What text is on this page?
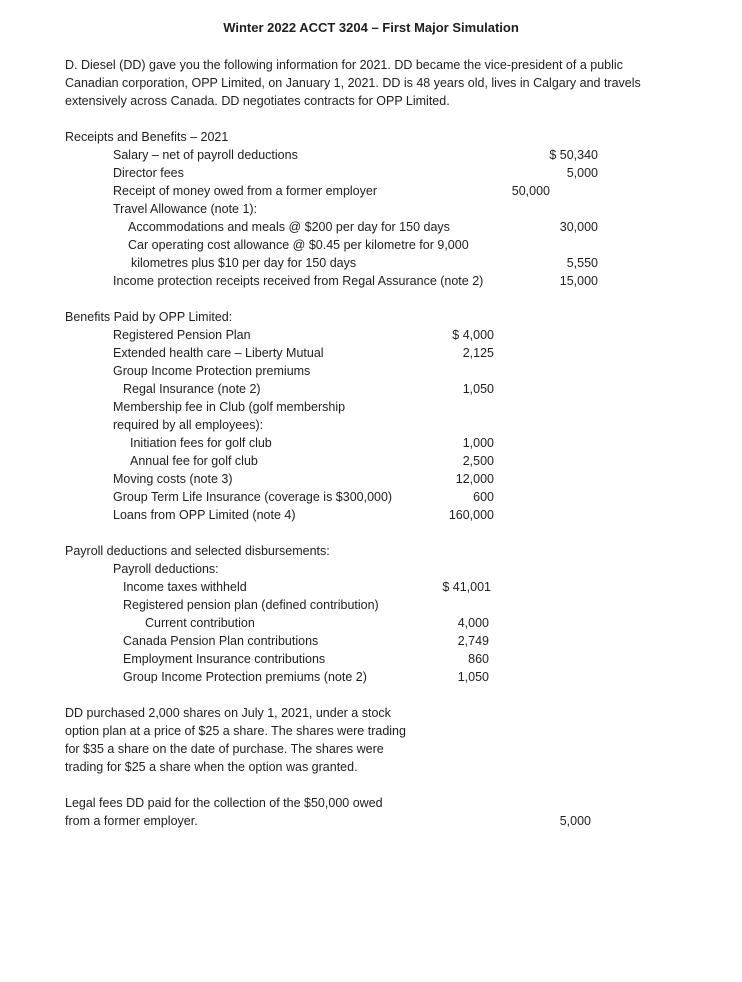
Winter 2022 ACCT 3204 – First Major Simulation
D. Diesel (DD) gave you the following information for 2021. DD became the vice-president of a public
Canadian corporation, OPP Limited, on January 1, 2021. DD is 48 years old, lives in Calgary and travels
extensively across Canada. DD negotiates contracts for OPP Limited.
Receipts and Benefits – 2021
Salary – net of payroll deductions	$ 50,340
Director fees	5,000
Receipt of money owed from a former employer	50,000
Travel Allowance (note 1):
Accommodations and meals @ $200 per day for 150 days	30,000
Car operating cost allowance @ $0.45 per kilometre for 9,000
kilometres plus $10 per day for 150 days	5,550
Income protection receipts received from Regal Assurance (note 2)	15,000
Benefits Paid by OPP Limited:
Registered Pension Plan	$ 4,000
Extended health care – Liberty Mutual	2,125
Group Income Protection premiums
Regal Insurance (note 2)	1,050
Membership fee in Club (golf membership
required by all employees):
Initiation fees for golf club	1,000
Annual fee for golf club	2,500
Moving costs (note 3)	12,000
Group Term Life Insurance (coverage is $300,000)	600
Loans from OPP Limited (note 4)	160,000
Payroll deductions and selected disbursements:
Payroll deductions:
Income taxes withheld	$ 41,001
Registered pension plan (defined contribution)
Current contribution	4,000
Canada Pension Plan contributions	2,749
Employment Insurance contributions	860
Group Income Protection premiums (note 2)	1,050
DD purchased 2,000 shares on July 1, 2021, under a stock
option plan at a price of $25 a share. The shares were trading
for $35 a share on the date of purchase. The shares were
trading for $25 a share when the option was granted.
Legal fees DD paid for the collection of the $50,000 owed
from a former employer.	5,000
